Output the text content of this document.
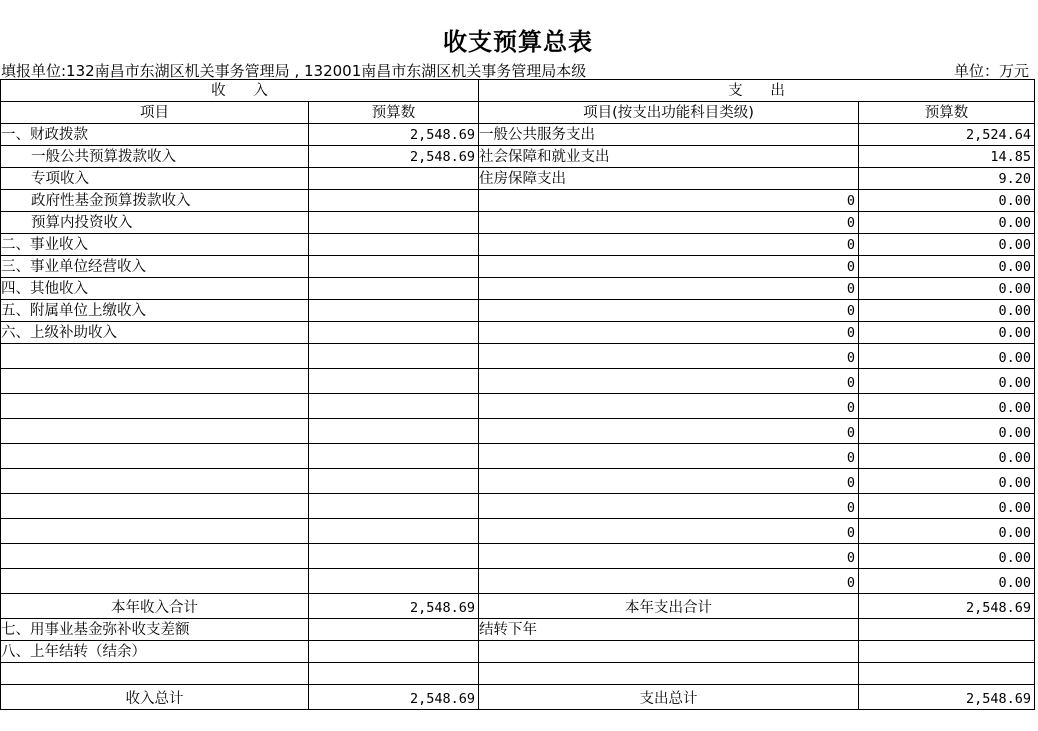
收支预算总表
填报单位:132南昌市东湖区机关事务管理局 , 132001南昌市东湖区机关事务管理局本级	单位：万元
收      入		支      出	
项目	预算数	项目(按支出功能科目类级)	预算数
一、财政拨款	2,548.69	一般公共服务支出	2,524.64
一般公共预算拨款收入	2,548.69	社会保障和就业支出	14.85
专项收入		住房保障支出	9.20
政府性基金预算拨款收入		0	0.00
预算内投资收入		0	0.00
二、事业收入		0	0.00
三、事业单位经营收入		0	0.00
四、其他收入		0	0.00
五、附属单位上缴收入		0	0.00
六、上级补助收入		0	0.00
		0	0.00
		0	0.00
		0	0.00
		0	0.00
		0	0.00
		0	0.00
		0	0.00
		0	0.00
		0	0.00
		0	0.00
本年收入合计	2,548.69	本年支出合计	2,548.69
七、用事业基金弥补收支差额		结转下年	
八、上年结转（结余）			

收入总计	2,548.69	支出总计	2,548.69
